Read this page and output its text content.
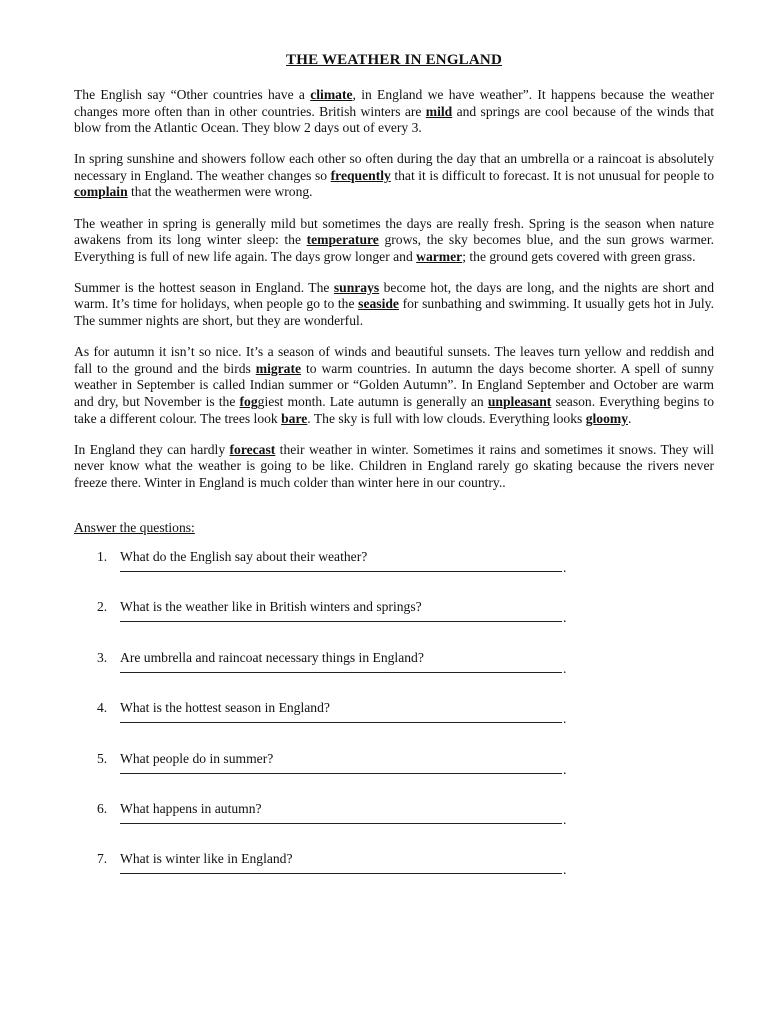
THE WEATHER IN ENGLAND

The English say “Other countries have a climate, in England we have weather”. It happens because the weather changes more often than in other countries. British winters are mild and springs are cool because of the winds that blow from the Atlantic Ocean. They blow 2 days out of every 3.

In spring sunshine and showers follow each other so often during the day that an umbrella or a raincoat is absolutely necessary in England. The weather changes so frequently that it is difficult to forecast. It is not unusual for people to complain that the weathermen were wrong.

The weather in spring is generally mild but sometimes the days are really fresh. Spring is the season when nature awakens from its long winter sleep: the temperature grows, the sky becomes blue, and the sun grows warmer. Everything is full of new life again. The days grow longer and warmer; the ground gets covered with green grass.

Summer is the hottest season in England. The sunrays become hot, the days are long, and the nights are short and warm. It’s time for holidays, when people go to the seaside for sunbathing and swimming. It usually gets hot in July. The summer nights are short, but they are wonderful.

As for autumn it isn’t so nice. It’s a season of winds and beautiful sunsets. The leaves turn yellow and reddish and fall to the ground and the birds migrate to warm countries. In autumn the days become shorter. A spell of sunny weather in September is called Indian summer or “Golden Autumn”. In England September and October are warm and dry, but November is the foggiest month. Late autumn is generally an unpleasant season. Everything begins to take a different colour. The trees look bare. The sky is full with low clouds. Everything looks gloomy.

In England they can hardly forecast their weather in winter. Sometimes it rains and sometimes it snows. They will never know what the weather is going to be like. Children in England rarely go skating because the rivers never freeze there. Winter in England is much colder than winter here in our country..

Answer the questions:
1. What do the English say about their weather?
.
2. What is the weather like in British winters and springs?
.
3. Are umbrella and raincoat necessary things in England?
.
4. What is the hottest season in England?
.
5. What people do in summer?
.
6. What happens in autumn?
.
7. What is winter like in England?
.
